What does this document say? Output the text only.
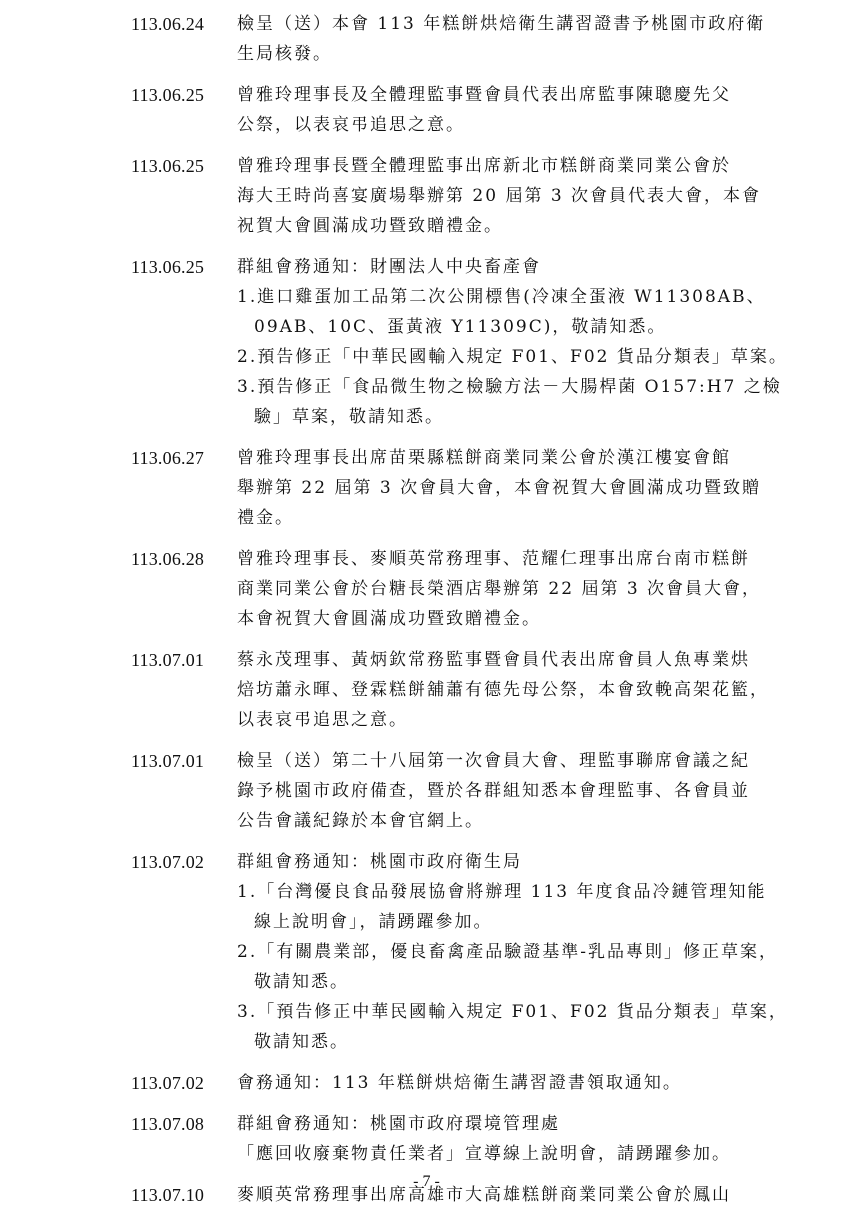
113.06.24	檢呈（送）本會 113 年糕餅烘焙衛生講習證書予桃園市政府衛
生局核發。
113.06.25	曾雅玲理事長及全體理監事暨會員代表出席監事陳聰慶先父
公祭，以表哀弔追思之意。
113.06.25	曾雅玲理事長暨全體理監事出席新北市糕餅商業同業公會於
海大王時尚喜宴廣場舉辦第 20 屆第 3 次會員代表大會，本會
祝賀大會圓滿成功暨致贈禮金。
113.06.25	群組會務通知：財團法人中央畜產會
1.進口雞蛋加工品第二次公開標售(冷凍全蛋液 W11308AB、
09AB、10C、蛋黃液 Y11309C)，敬請知悉。
2.預告修正「中華民國輸入規定 F01、F02 貨品分類表」草案。
3.預告修正「食品微生物之檢驗方法－大腸桿菌 O157:H7 之檢
驗」草案，敬請知悉。
113.06.27	曾雅玲理事長出席苗栗縣糕餅商業同業公會於漢江樓宴會館
舉辦第 22 屆第 3 次會員大會，本會祝賀大會圓滿成功暨致贈
禮金。
113.06.28	曾雅玲理事長、麥順英常務理事、范耀仁理事出席台南市糕餅
商業同業公會於台糖長榮酒店舉辦第 22 屆第 3 次會員大會，
本會祝賀大會圓滿成功暨致贈禮金。
113.07.01	蔡永茂理事、黃炳欽常務監事暨會員代表出席會員人魚專業烘
焙坊蕭永暉、登霖糕餅舖蕭有德先母公祭，本會致輓高架花籃，
以表哀弔追思之意。
113.07.01	檢呈（送）第二十八屆第一次會員大會、理監事聯席會議之紀
錄予桃園市政府備查，暨於各群組知悉本會理監事、各會員並
公告會議紀錄於本會官網上。
113.07.02	群組會務通知：桃園市政府衛生局
1.「台灣優良食品發展協會將辦理 113 年度食品冷鏈管理知能
線上說明會」，請踴躍參加。
2.「有關農業部，優良畜禽產品驗證基準-乳品專則」修正草案，
敬請知悉。
3.「預告修正中華民國輸入規定 F01、F02 貨品分類表」草案，
敬請知悉。
113.07.02	會務通知：113 年糕餅烘焙衛生講習證書領取通知。
113.07.08	群組會務通知：桃園市政府環境管理處
「應回收廢棄物責任業者」宣導線上說明會，請踴躍參加。
113.07.10	麥順英常務理事出席高雄市大高雄糕餅商業同業公會於鳳山
- 7 -
